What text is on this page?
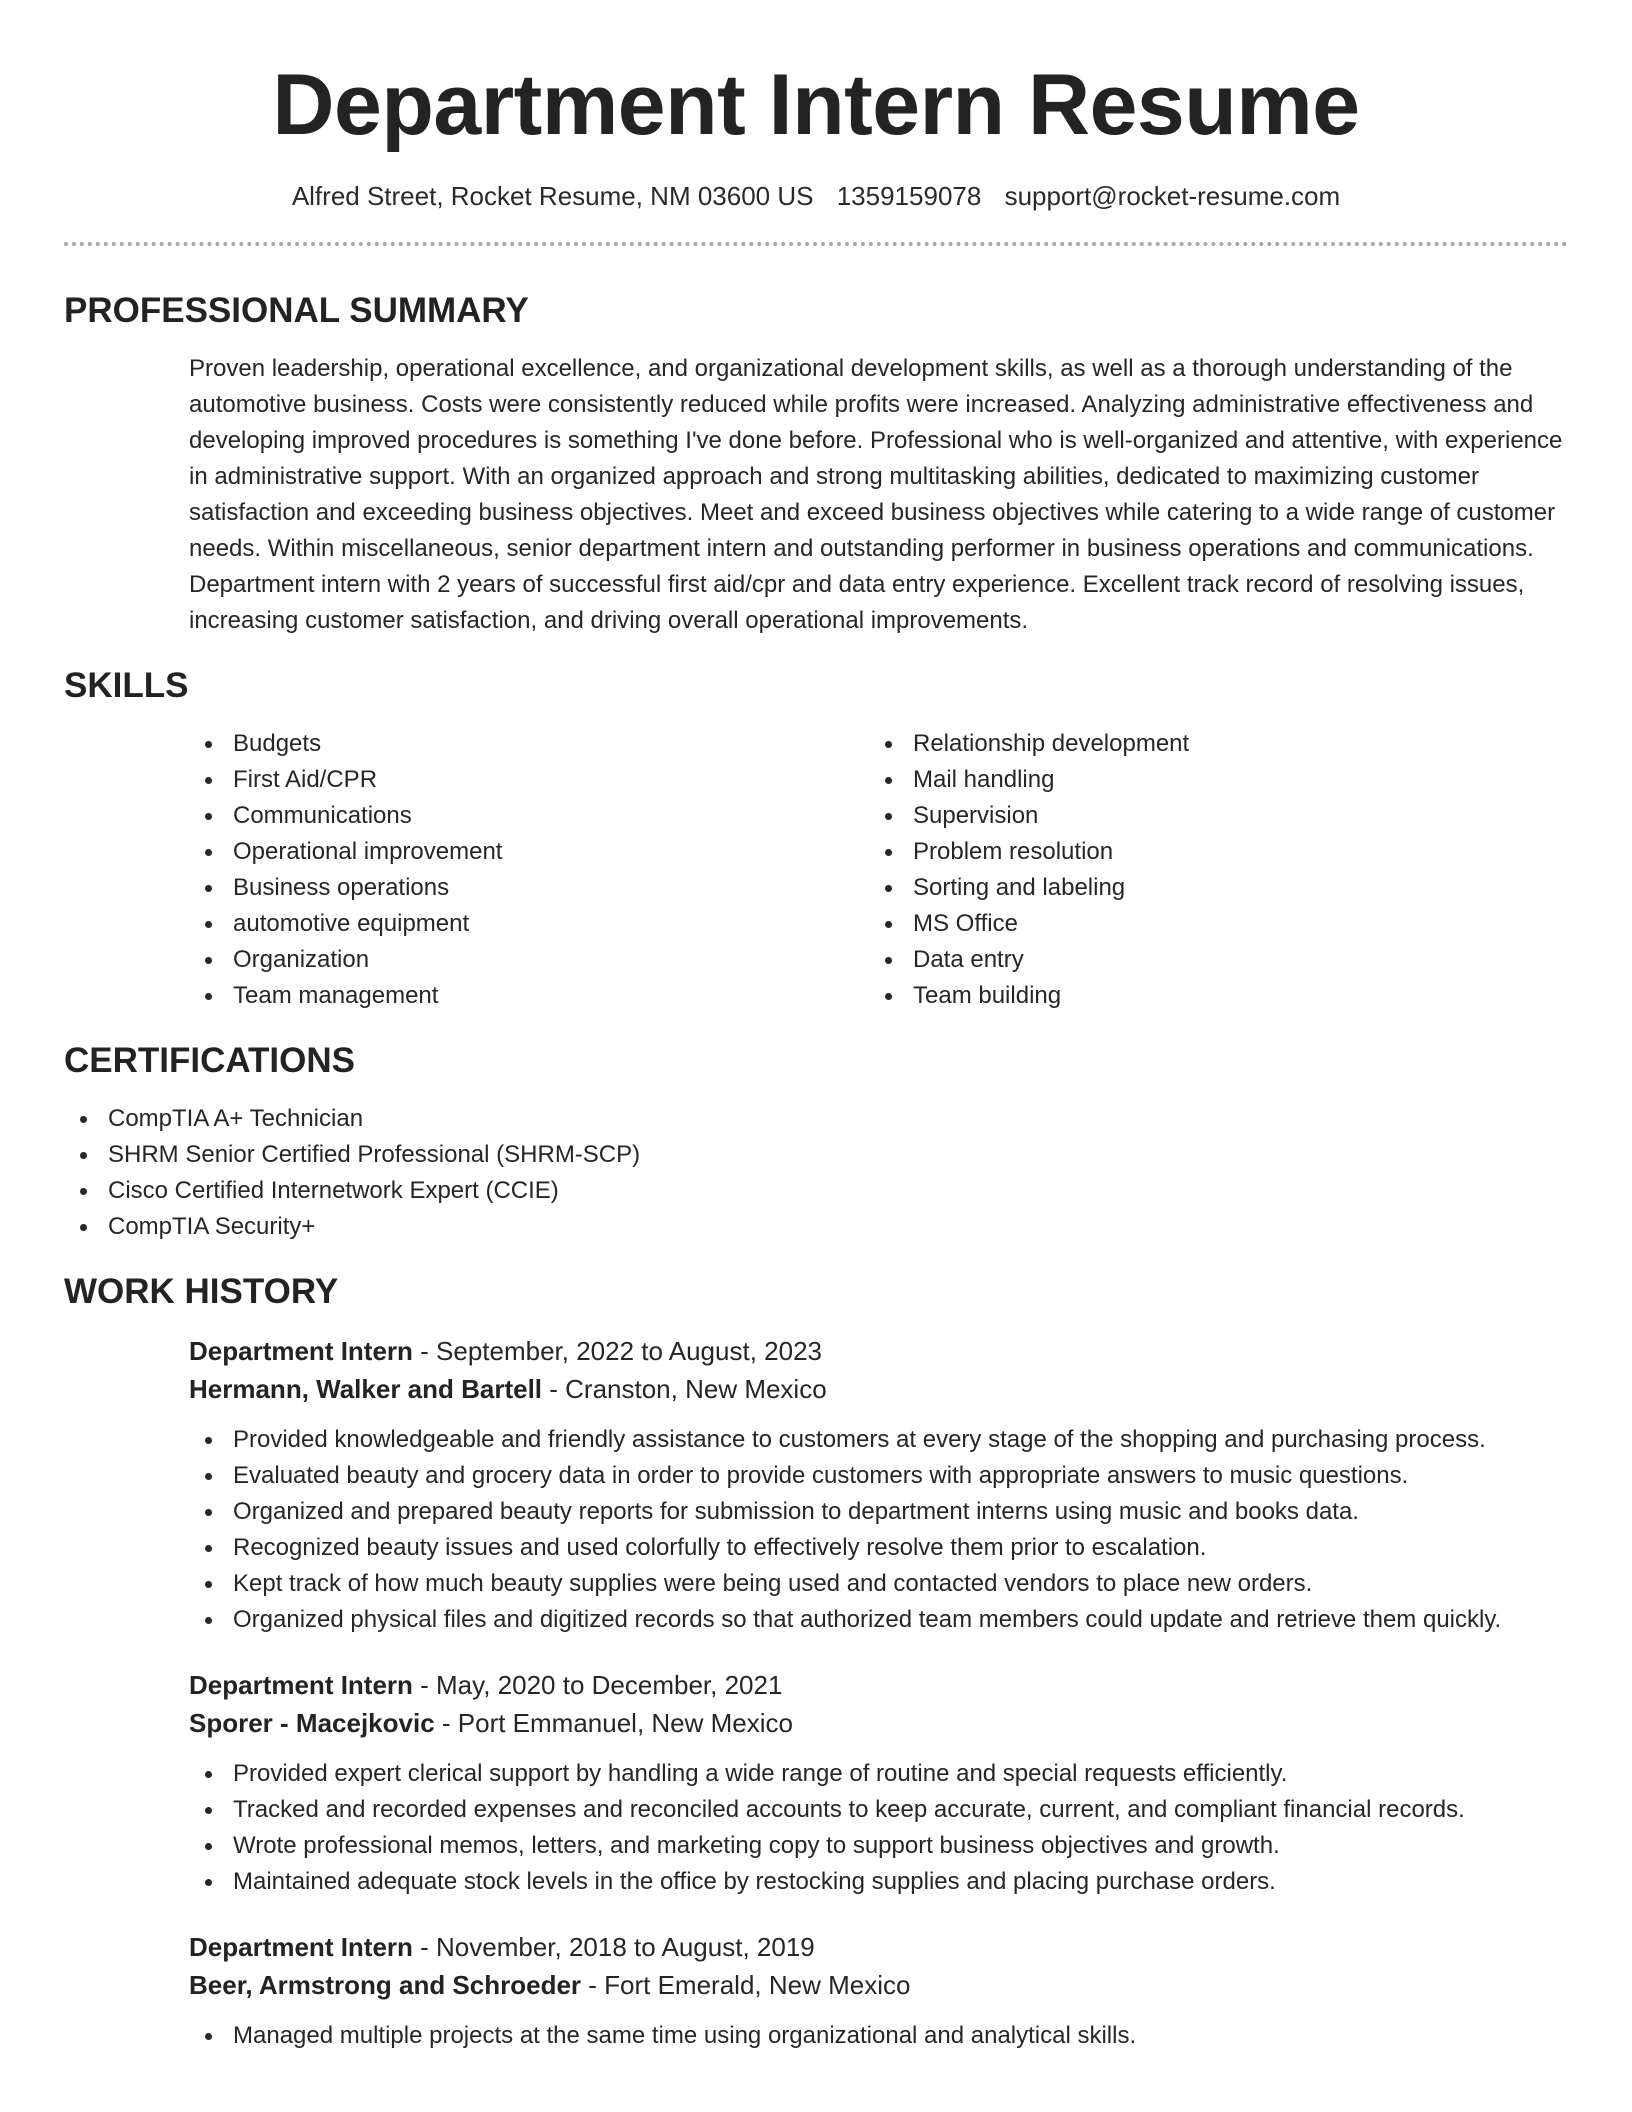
Department Intern Resume
Alfred Street, Rocket Resume, NM 03600 US 1359159078 support@rocket-resume.com
PROFESSIONAL SUMMARY

Proven leadership, operational excellence, and organizational development skills, as well as a thorough understanding of the automotive business. Costs were consistently reduced while profits were increased. Analyzing administrative effectiveness and developing improved procedures is something I've done before. Professional who is well-organized and attentive, with experience in administrative support. With an organized approach and strong multitasking abilities, dedicated to maximizing customer satisfaction and exceeding business objectives. Meet and exceed business objectives while catering to a wide range of customer needs. Within miscellaneous, senior department intern and outstanding performer in business operations and communications. Department intern with 2 years of successful first aid/cpr and data entry experience. Excellent track record of resolving issues, increasing customer satisfaction, and driving overall operational improvements.

SKILLS
Budgets
First Aid/CPR
Communications
Operational improvement
Business operations
automotive equipment
Organization
Team management
Relationship development
Mail handling
Supervision
Problem resolution
Sorting and labeling
MS Office
Data entry
Team building
CERTIFICATIONS
CompTIA A+ Technician
SHRM Senior Certified Professional (SHRM-SCP)
Cisco Certified Internetwork Expert (CCIE)
CompTIA Security+
WORK HISTORY
Department Intern - September, 2022 to August, 2023
Hermann, Walker and Bartell - Cranston, New Mexico
Provided knowledgeable and friendly assistance to customers at every stage of the shopping and purchasing process.
Evaluated beauty and grocery data in order to provide customers with appropriate answers to music questions.
Organized and prepared beauty reports for submission to department interns using music and books data.
Recognized beauty issues and used colorfully to effectively resolve them prior to escalation.
Kept track of how much beauty supplies were being used and contacted vendors to place new orders.
Organized physical files and digitized records so that authorized team members could update and retrieve them quickly.
Department Intern - May, 2020 to December, 2021
Sporer - Macejkovic - Port Emmanuel, New Mexico
Provided expert clerical support by handling a wide range of routine and special requests efficiently.
Tracked and recorded expenses and reconciled accounts to keep accurate, current, and compliant financial records.
Wrote professional memos, letters, and marketing copy to support business objectives and growth.
Maintained adequate stock levels in the office by restocking supplies and placing purchase orders.
Department Intern - November, 2018 to August, 2019
Beer, Armstrong and Schroeder - Fort Emerald, New Mexico
Managed multiple projects at the same time using organizational and analytical skills.
